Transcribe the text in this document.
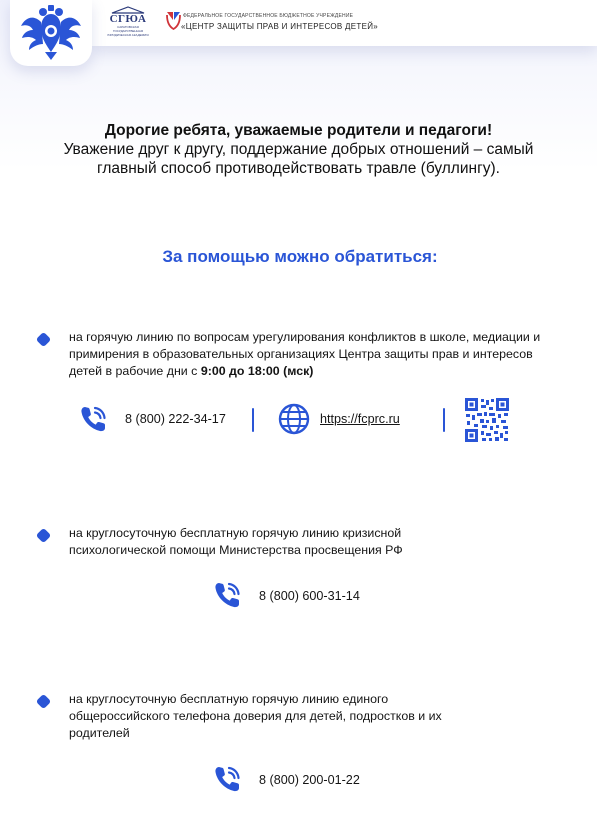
СГЮА
САРАТОВСКАЯ ГОСУДАРСТВЕННАЯ ЮРИДИЧЕСКАЯ АКАДЕМИЯ
ФЕДЕРАЛЬНОЕ ГОСУДАРСТВЕННОЕ БЮДЖЕТНОЕ УЧРЕЖДЕНИЕ
«ЦЕНТР ЗАЩИТЫ ПРАВ И ИНТЕРЕСОВ ДЕТЕЙ»
Дорогие ребята, уважаемые родители и педагоги!
Уважение друг к другу, поддержание добрых отношений – самый главный способ противодействовать травле (буллингу).
За помощью можно обратиться:
на горячую линию по вопросам урегулирования конфликтов в школе, медиации и примирения в образовательных организациях Центра защиты прав и интересов детей в рабочие дни с 9:00 до 18:00 (мск)
8 (800) 222-34-17	https://fcprc.ru
на круглосуточную бесплатную горячую линию кризисной психологической помощи Министерства просвещения РФ
8 (800) 600-31-14
на круглосуточную бесплатную горячую линию единого общероссийского телефона доверия для детей, подростков и их родителей
8 (800) 200-01-22
